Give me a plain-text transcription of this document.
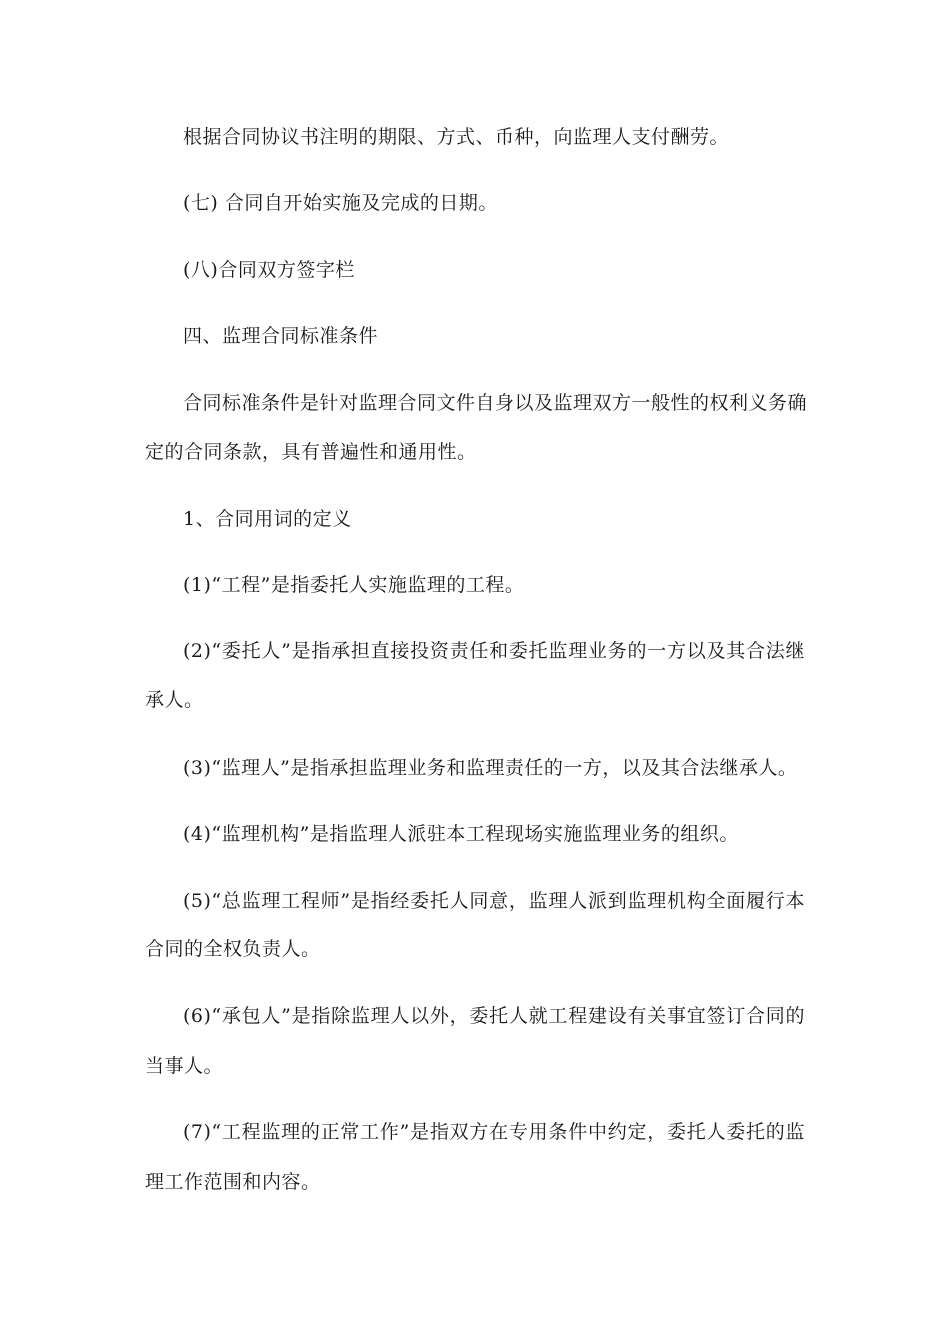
根据合同协议书注明的期限、方式、币种，向监理人支付酬劳。
(七) 合同自开始实施及完成的日期。
(八)合同双方签字栏
四、监理合同标准条件
合同标准条件是针对监理合同文件自身以及监理双方一般性的权利义务确
定的合同条款，具有普遍性和通用性。
1、合同用词的定义
(1)“工程”是指委托人实施监理的工程。
(2)“委托人”是指承担直接投资责任和委托监理业务的一方以及其合法继
承人。
(3)“监理人”是指承担监理业务和监理责任的一方，以及其合法继承人。
(4)“监理机构”是指监理人派驻本工程现场实施监理业务的组织。
(5)“总监理工程师”是指经委托人同意，监理人派到监理机构全面履行本
合同的全权负责人。
(6)“承包人”是指除监理人以外，委托人就工程建设有关事宜签订合同的
当事人。
(7)“工程监理的正常工作”是指双方在专用条件中约定，委托人委托的监
理工作范围和内容。
